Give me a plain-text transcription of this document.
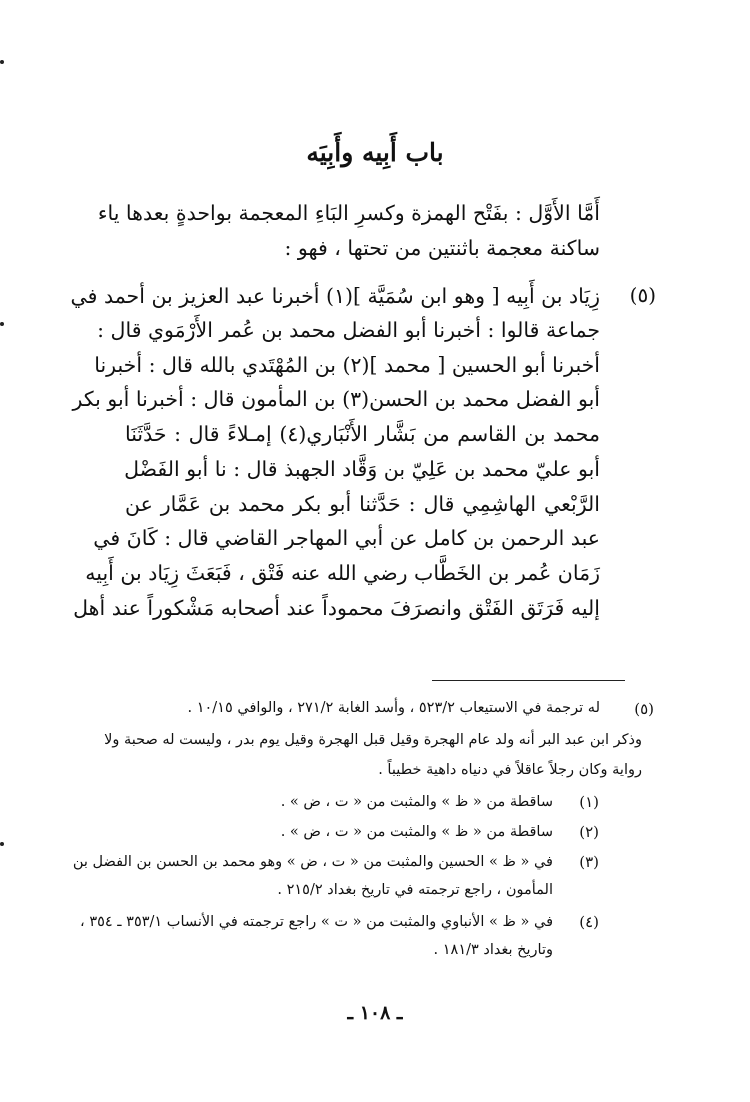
باب أَبِيه وأَبِيَه
أَمَّا الأَوَّل : بفَتْح الهمزة وكسرِ البَاءِ المعجمة بواحدةٍ بعدها ياء
ساكنة معجمة باثنتين من تحتها ، فهو :
(٥)
زِيَاد بن أَبِيه [ وهو ابن سُمَيَّة ](١) أخبرنا عبد العزيز بن أحمد في
جماعة قالوا : أخبرنا أبو الفضل محمد بن عُمر الأَرْمَوي قال :
أخبرنا أبو الحسين [ محمد ](٢) بن المُهْتَدي بالله قال : أخبرنا
أبو الفضل محمد بن الحسن(٣) بن المأمون قال : أخبرنا أبو بكر
محمد بن القاسم من بَشَّار الأَنْبَاري(٤) إمـلاءً قال : حَدَّثَنَا
أبو عليّ محمد بن عَلِيّ بن وَقَّاد الجهبذ قال : نا أبو الفَضْل
الرَّبْعي الهاشِمِي قال : حَدَّثنا أبو بكر محمد بن عَمَّار عن
عبد الرحمن بن كامل عن أبي المهاجر القاضي قال : كَانَ في
زَمَان عُمر بن الخَطَّاب رضي الله عنه فَتْق ، فَبَعَثَ زِيَاد بن أَبِيه
إليه فَرَتَق الفَتْق وانصرَفَ محموداً عند أصحابه مَشْكوراً عند أهل
(٥)
له ترجمة في الاستيعاب ٥٢٣/٢ ، وأسد الغابة ٢٧١/٢ ، والوافي ١٠/١٥ .
وذكر ابن عبد البر أنه ولد عام الهجرة وقيل قبل الهجرة وقيل يوم بدر ، وليست له صحبة ولا
رواية وكان رجلاً عاقلاً في دنياه داهية خطيباً .
(١)
ساقطة من « ظ » والمثبت من « ت ، ض » .
(٢)
ساقطة من « ظ » والمثبت من « ت ، ض » .
(٣)
في « ظ » الحسين والمثبت من « ت ، ض » وهو محمد بن الحسن بن الفضل بن
المأمون ، راجع ترجمته في تاريخ بغداد ٢١٥/٢ .
(٤)
في « ظ » الأنباوي والمثبت من « ت » راجع ترجمته في الأنساب ٣٥٣/١ ـ ٣٥٤ ،
وتاريخ بغداد ١٨١/٣ .
ـ ١٠٨ ـ
